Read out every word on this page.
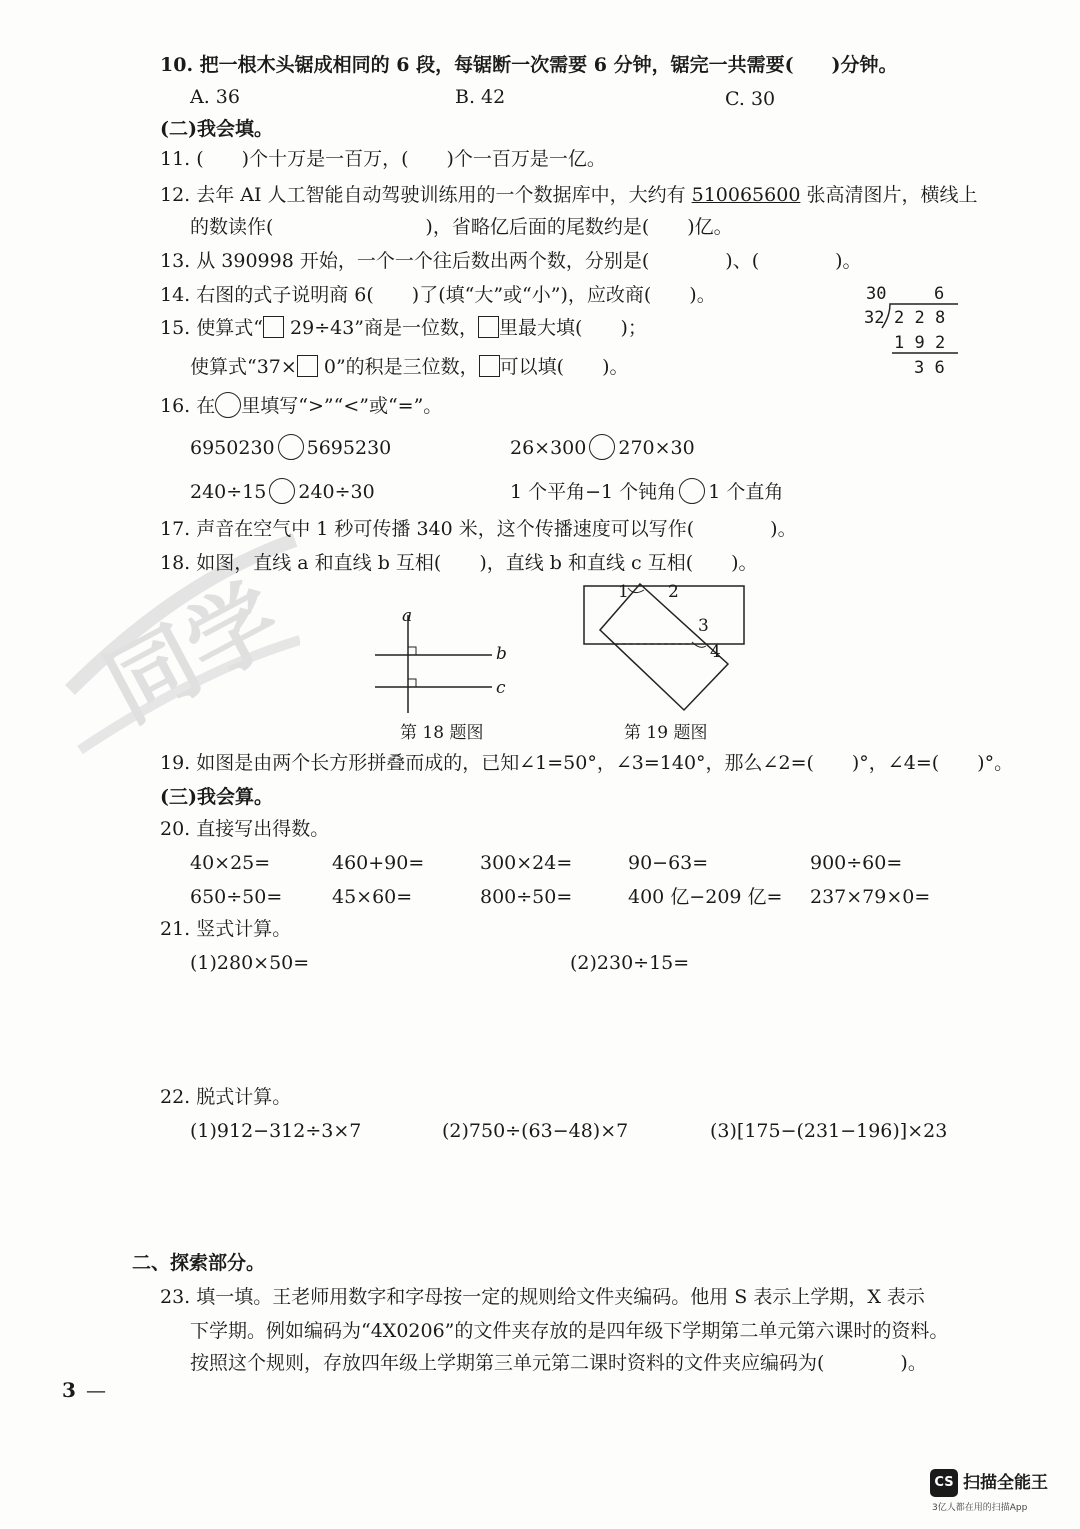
同学
10. 把一根木头锯成相同的 6 段，每锯断一次需要 6 分钟，锯完一共需要(　　)分钟。
A. 36	B. 42	C. 30
(二)我会填。
11. (　　)个十万是一百万，(　　)个一百万是一亿。
12. 去年 AI 人工智能自动驾驶训练用的一个数据库中，大约有 510065600 张高清图片，横线上
的数读作(　　　　　　　　)，省略亿后面的尾数约是(　　)亿。
13. 从 390998 开始，一个一个往后数出两个数，分别是(　　　　)、(　　　　)。
14. 右图的式子说明商 6(　　)了(填“大”或“小”)，应改商(　　)。
15. 使算式“ 29÷43”商是一位数， 里最大填(　　)；
使算式“37× 0”的积是三位数， 可以填(　　)。
30	6
32 2 2 8
1 9 2
3 6
16. 在 里填写“>”“<”或“=”。
6950230 5695230	26×300 270×30
240÷15 240÷30	1 个平角−1 个钝角 1 个直角
17. 声音在空气中 1 秒可传播 340 米，这个传播速度可以写作(　　　　)。
18. 如图，直线 a 和直线 b 互相(　　)，直线 b 和直线 c 互相(　　)。
a
b
c
第 18 题图
1 2
3
4
第 19 题图
19. 如图是由两个长方形拼叠而成的，已知∠1=50°，∠3=140°，那么∠2=(　　)°，∠4=(　　)°。
(三)我会算。
20. 直接写出得数。
40×25=	460+90=	300×24=	90−63=	900÷60=
650÷50=	45×60=	800÷50=	400 亿−209 亿= 237×79×0=
21. 竖式计算。
(1)280×50=	(2)230÷15=
22. 脱式计算。
(1)912−312÷3×7	(2)750÷(63−48)×7	(3)[175−(231−196)]×23
二、探索部分。
23. 填一填。王老师用数字和字母按一定的规则给文件夹编码。他用 S 表示上学期，X 表示
下学期。例如编码为“4X0206”的文件夹存放的是四年级下学期第二单元第六课时的资料。
按照这个规则，存放四年级上学期第三单元第二课时资料的文件夹应编码为(　　　　)。
3 —
CS 扫描全能王
3亿人都在用的扫描App
